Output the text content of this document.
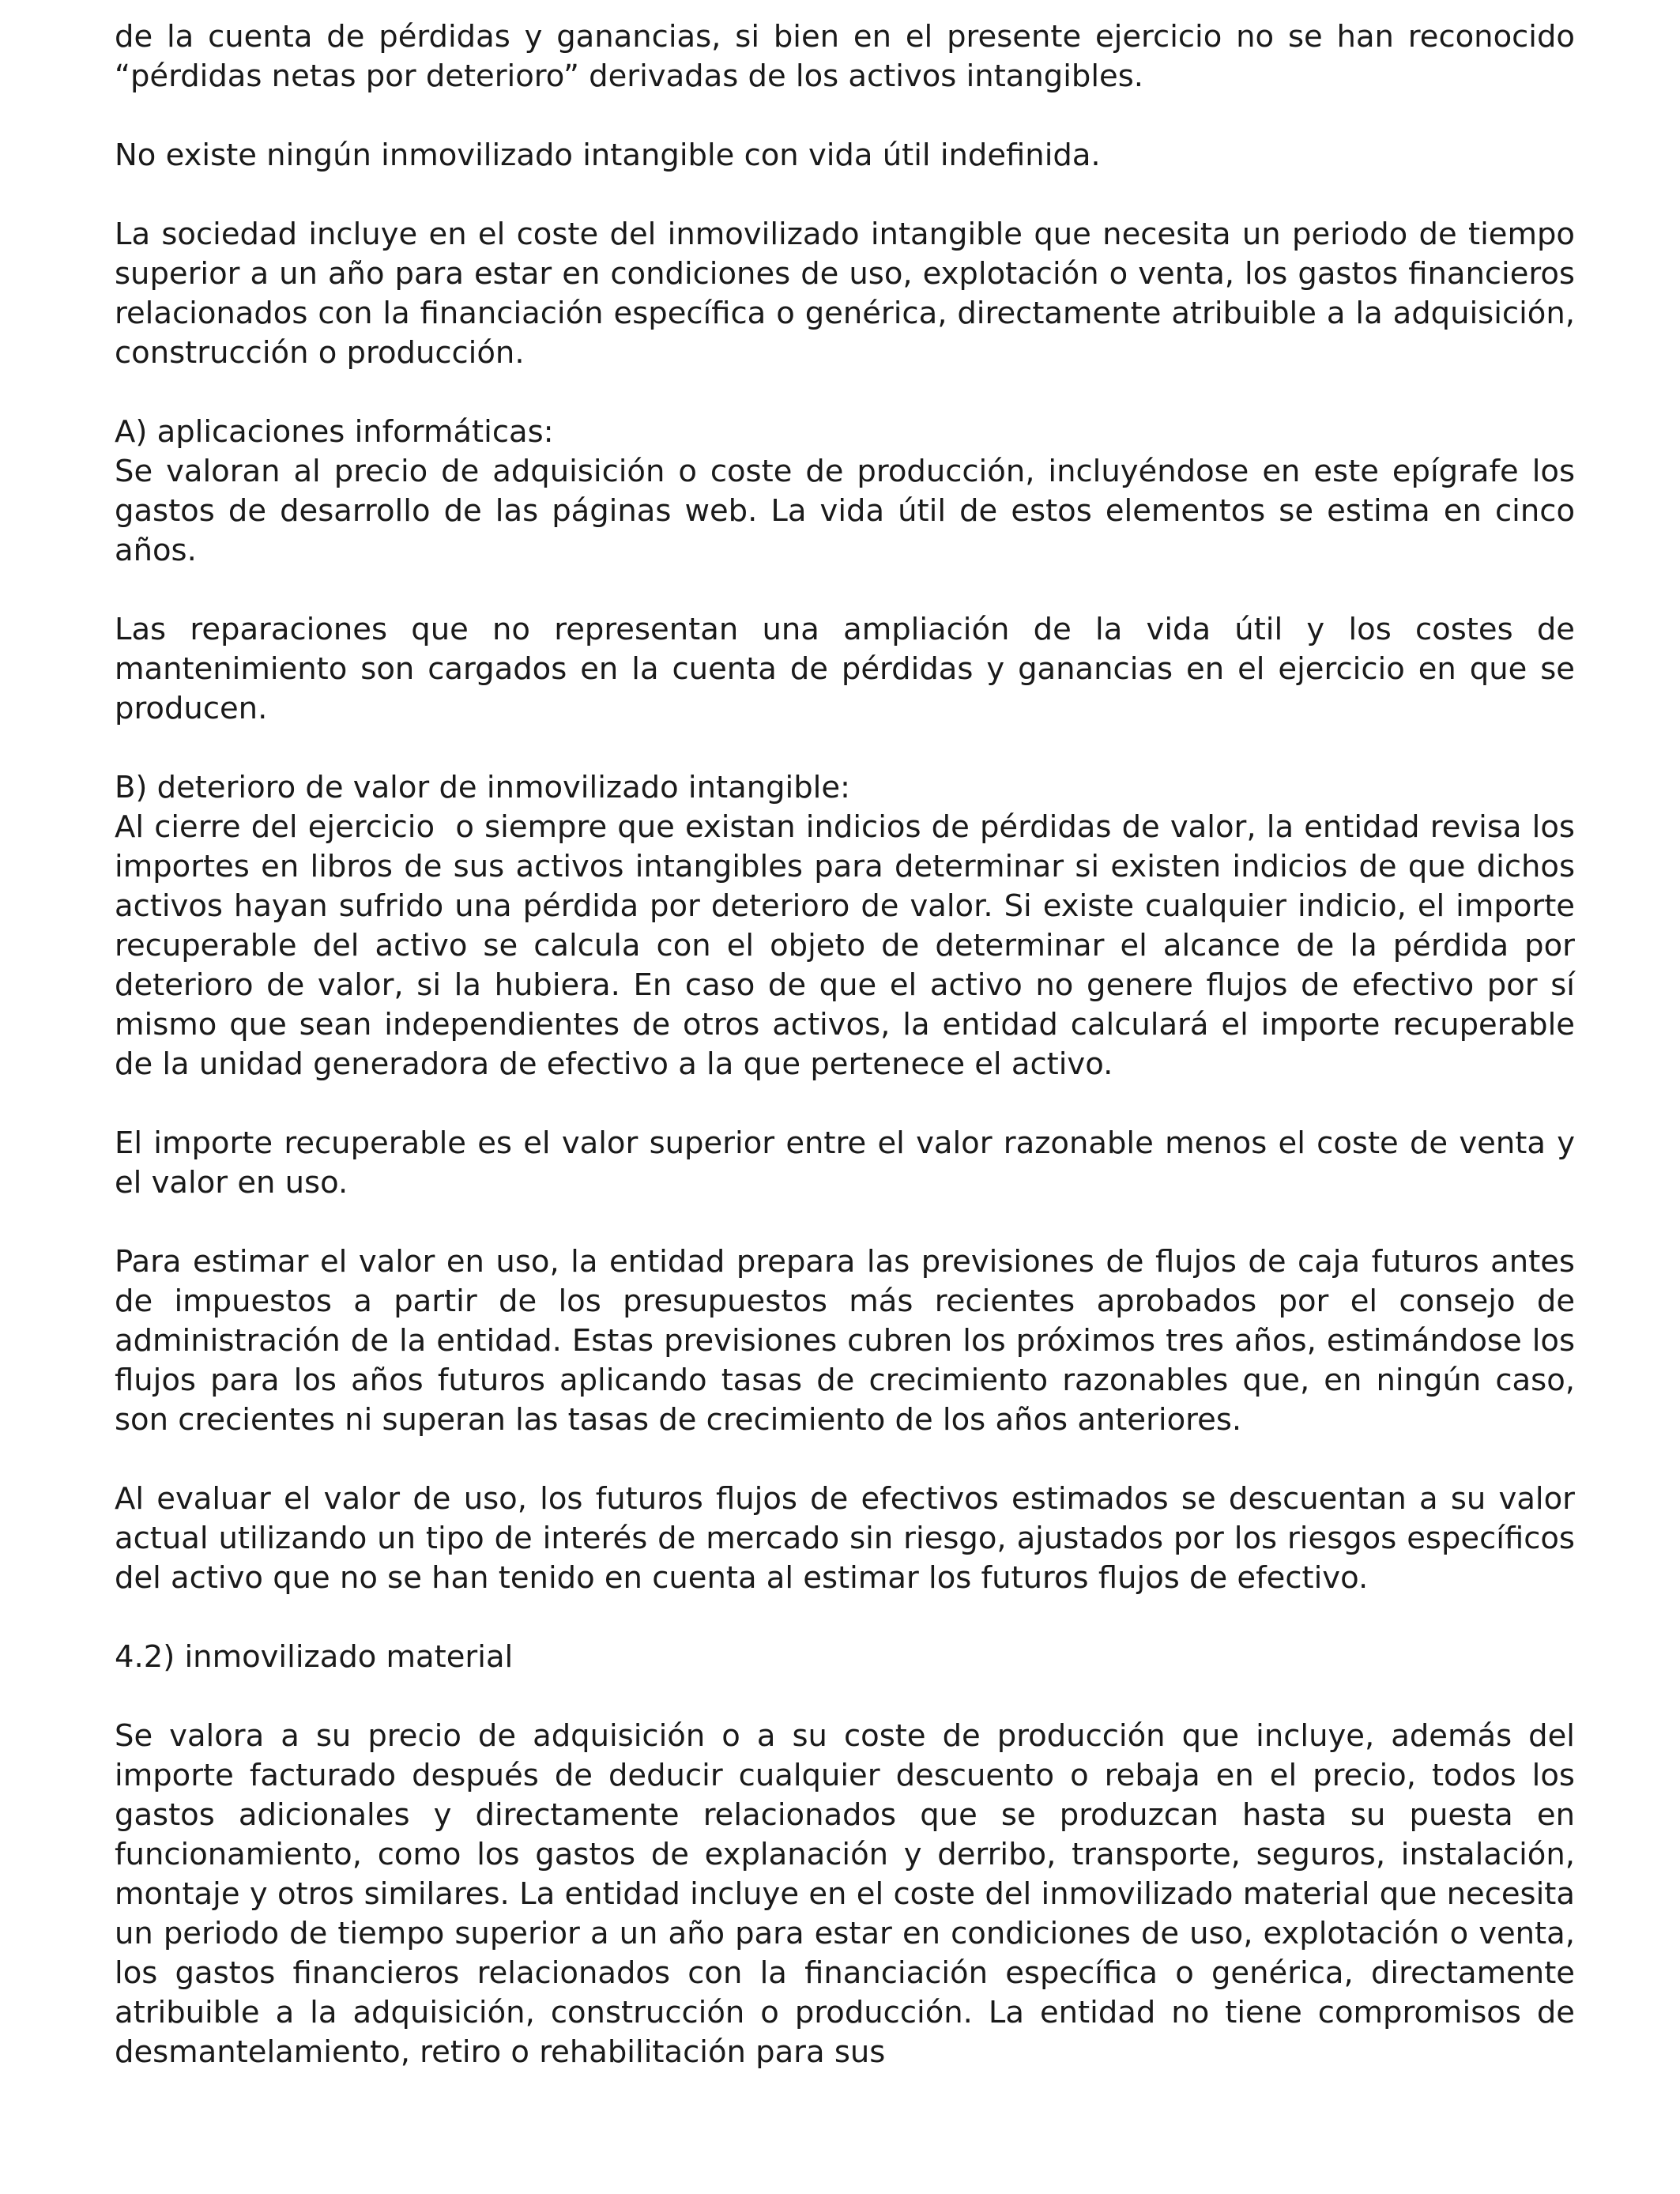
de la cuenta de pérdidas y ganancias, si bien en el presente ejercicio no se han reconocido “pérdidas netas por deterioro” derivadas de los activos intangibles.

No existe ningún inmovilizado intangible con vida útil indefinida.

La sociedad incluye en el coste del inmovilizado intangible que necesita un periodo de tiempo superior a un año para estar en condiciones de uso, explotación o venta, los gastos financieros relacionados con la financiación específica o genérica, directamente atribuible a la adquisición, construcción o producción.

A) aplicaciones informáticas:

Se valoran al precio de adquisición o coste de producción, incluyéndose en este epígrafe los gastos de desarrollo de las páginas web. La vida útil de estos elementos se estima en cinco años.

Las reparaciones que no representan una ampliación de la vida útil y los costes de mantenimiento son cargados en la cuenta de pérdidas y ganancias en el ejercicio en que se producen.

B) deterioro de valor de inmovilizado intangible:

Al cierre del ejercicio  o siempre que existan indicios de pérdidas de valor, la entidad revisa los importes en libros de sus activos intangibles para determinar si existen indicios de que dichos activos hayan sufrido una pérdida por deterioro de valor. Si existe cualquier indicio, el importe recuperable del activo se calcula con el objeto de determinar el alcance de la pérdida por deterioro de valor, si la hubiera. En caso de que el activo no genere flujos de efectivo por sí mismo que sean independientes de otros activos, la entidad calculará el importe recuperable de la unidad generadora de efectivo a la que pertenece el activo.

El importe recuperable es el valor superior entre el valor razonable menos el coste de venta y el valor en uso.

Para estimar el valor en uso, la entidad prepara las previsiones de flujos de caja futuros antes de impuestos a partir de los presupuestos más recientes aprobados por el consejo de administración de la entidad. Estas previsiones cubren los próximos tres años, estimándose los flujos para los años futuros aplicando tasas de crecimiento razonables que, en ningún caso, son crecientes ni superan las tasas de crecimiento de los años anteriores.

Al evaluar el valor de uso, los futuros flujos de efectivos estimados se descuentan a su valor actual utilizando un tipo de interés de mercado sin riesgo, ajustados por los riesgos específicos del activo que no se han tenido en cuenta al estimar los futuros flujos de efectivo.

4.2) inmovilizado material

Se valora a su precio de adquisición o a su coste de producción que incluye, además del importe facturado después de deducir cualquier descuento o rebaja en el precio, todos los gastos adicionales y directamente relacionados que se produzcan hasta su puesta en funcionamiento, como los gastos de explanación y derribo, transporte, seguros, instalación, montaje y otros similares. La entidad incluye en el coste del inmovilizado material que necesita un periodo de tiempo superior a un año para estar en condiciones de uso, explotación o venta, los gastos financieros relacionados con la financiación específica o genérica, directamente atribuible a la adquisición, construcción o producción. La entidad no tiene compromisos de desmantelamiento, retiro o rehabilitación para sus
